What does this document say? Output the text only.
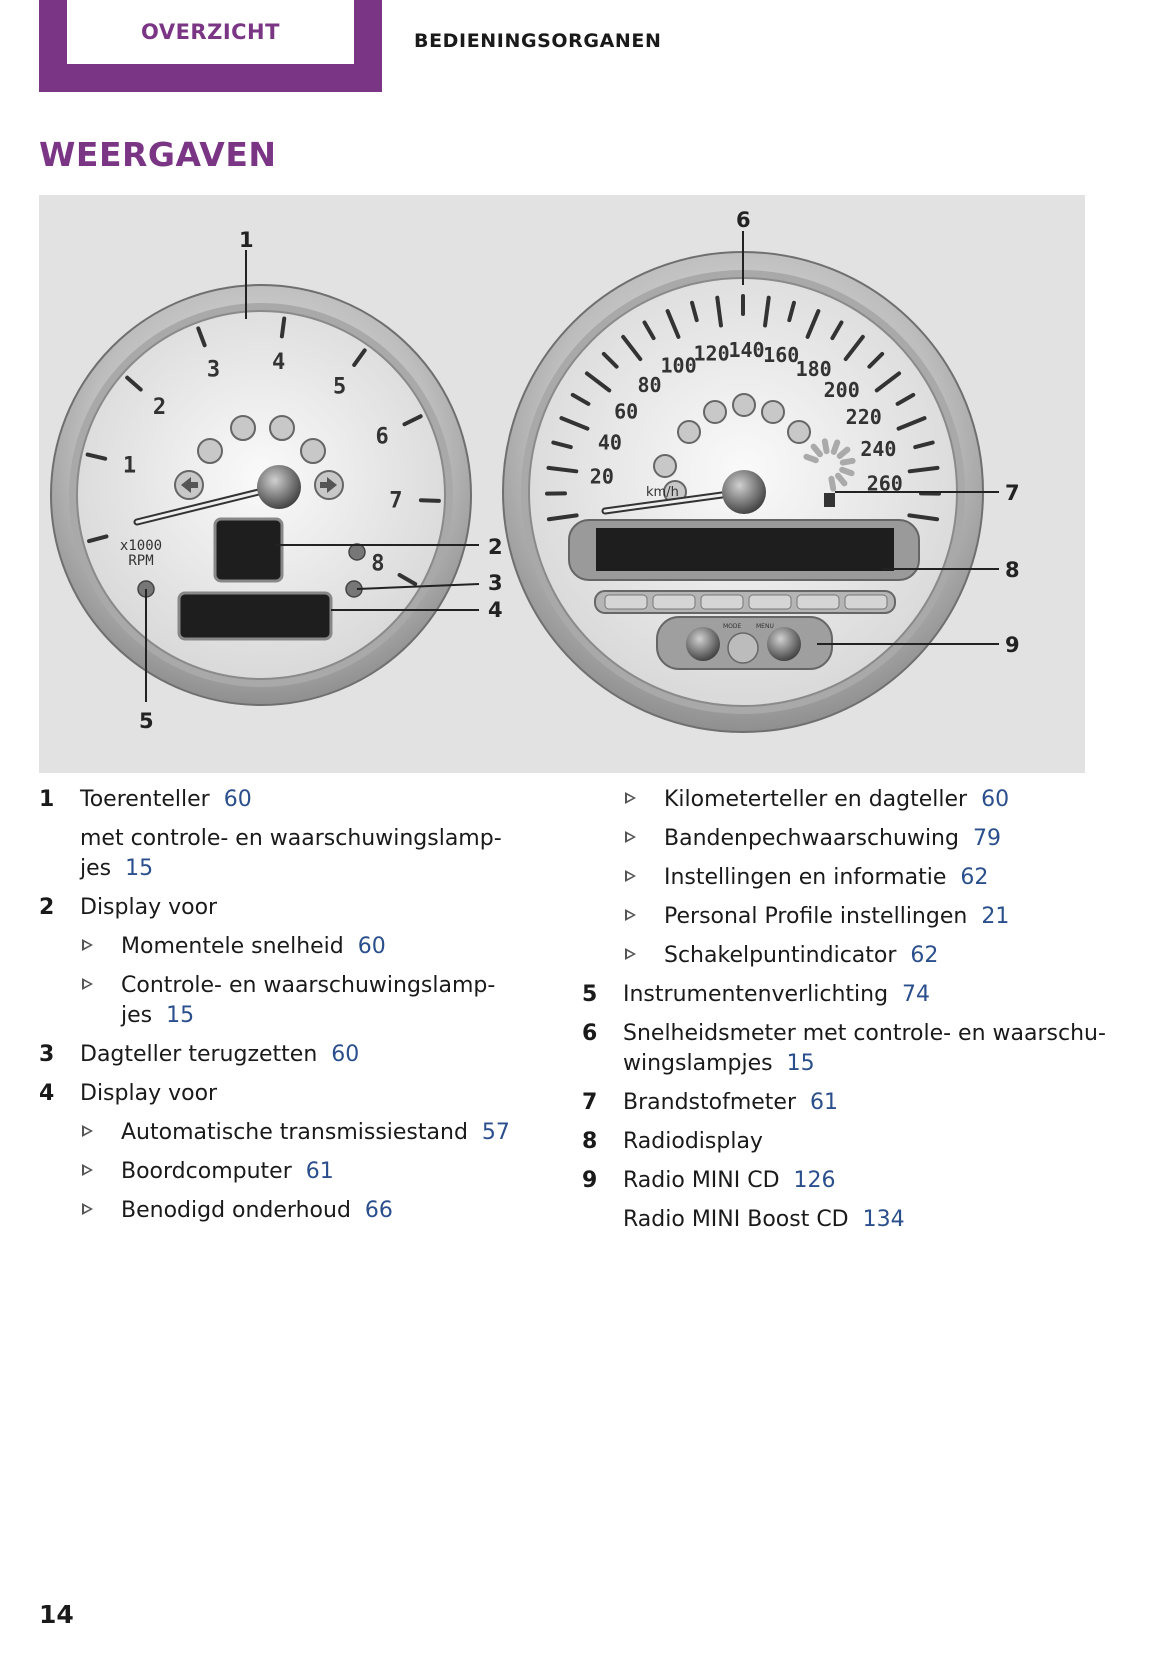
OVERZICHT	BEDIENINGSORGANEN
WEERGAVEN
1
2
3 4
5
6
7
8
x1000
RPM
20
40
60
80
100
120
140
160
180
200
220
240
260
km/h
MODE MENU
1
2
3
4
5
6
7
8
9
1 Toerenteller 60
met controle- en waarschuwingslamp-
jes 15
2 Display voor
Momentele snelheid 60
Controle- en waarschuwingslamp-
jes 15
3 Dagteller terugzetten 60
4 Display voor
Automatische transmissiestand 57
Boordcomputer 61
Benodigd onderhoud 66
Kilometerteller en dagteller 60
Bandenpechwaarschuwing 79
Instellingen en informatie 62
Personal Profile instellingen 21
Schakelpuntindicator 62
5 Instrumentenverlichting 74
6 Snelheidsmeter met controle- en waarschu-
wingslampjes 15
7 Brandstofmeter 61
8 Radiodisplay
9 Radio MINI CD 126
Radio MINI Boost CD 134
14
